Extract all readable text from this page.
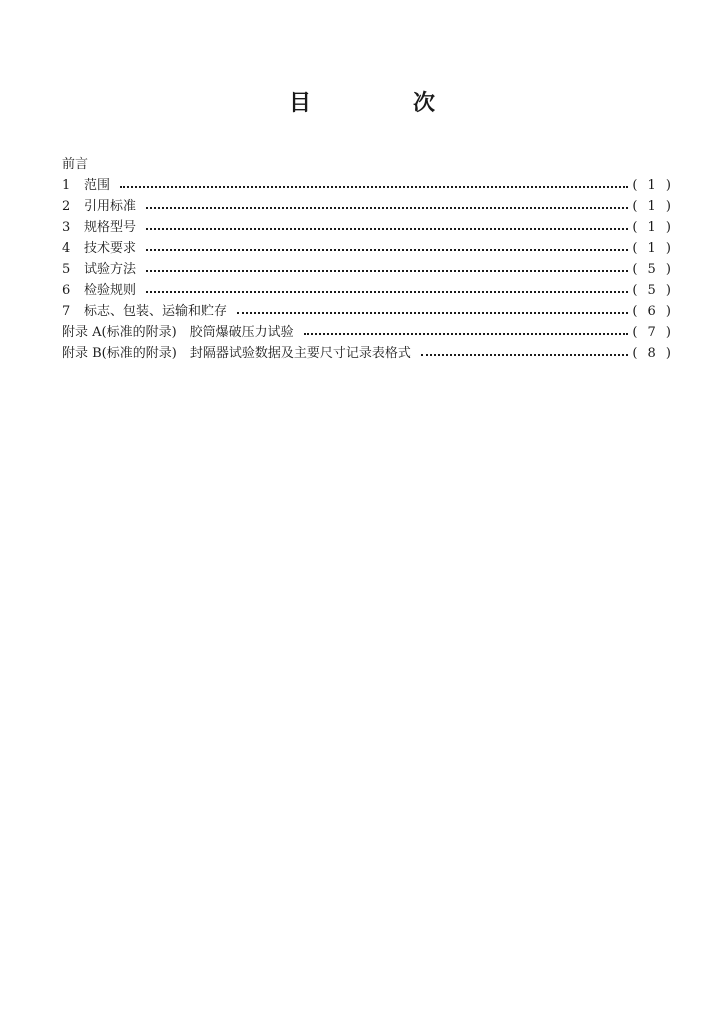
目　次
前言
1	范围	( 1 )
2	引用标准	( 1 )
3	规格型号	( 1 )
4	技术要求	( 1 )
5	试验方法	( 5 )
6	检验规则	( 5 )
7	标志、包装、运输和贮存	( 6 )
附录 A(标准的附录)　胶筒爆破压力试验	( 7 )
附录 B(标准的附录)　封隔器试验数据及主要尺寸记录表格式	( 8 )
